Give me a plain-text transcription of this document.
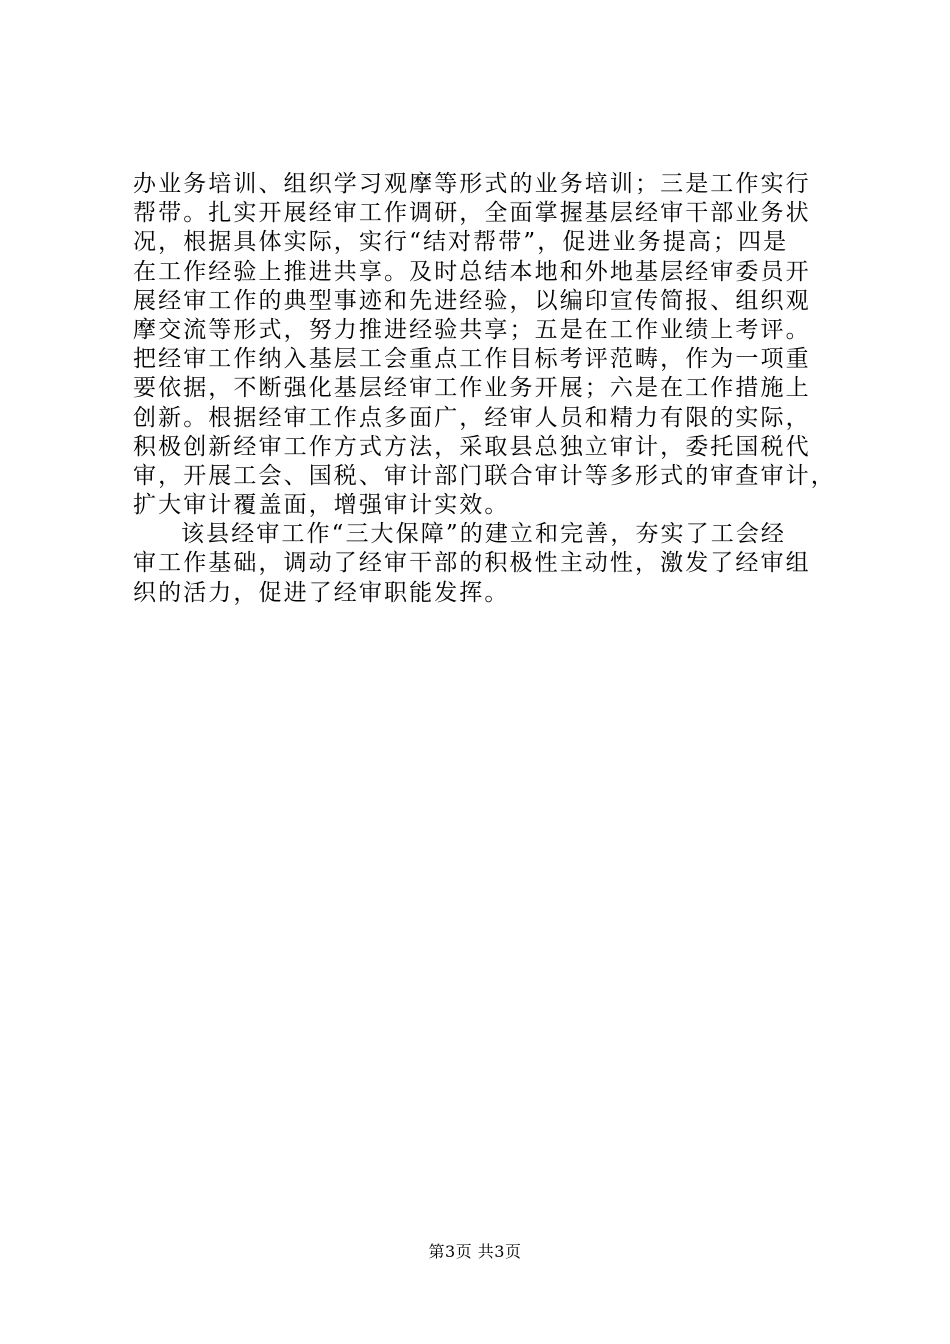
办业务培训、组织学习观摩等形式的业务培训；三是工作实行
帮带。扎实开展经审工作调研，全面掌握基层经审干部业务状
况，根据具体实际，实行“结对帮带”，促进业务提高；四是
在工作经验上推进共享。及时总结本地和外地基层经审委员开
展经审工作的典型事迹和先进经验，以编印宣传简报、组织观
摩交流等形式，努力推进经验共享；五是在工作业绩上考评。
把经审工作纳入基层工会重点工作目标考评范畴，作为一项重
要依据，不断强化基层经审工作业务开展；六是在工作措施上
创新。根据经审工作点多面广，经审人员和精力有限的实际，
积极创新经审工作方式方法，采取县总独立审计，委托国税代
审，开展工会、国税、审计部门联合审计等多形式的审查审计，
扩大审计覆盖面，增强审计实效。
该县经审工作“三大保障”的建立和完善，夯实了工会经
审工作基础，调动了经审干部的积极性主动性，激发了经审组
织的活力，促进了经审职能发挥。
第3页 共3页
